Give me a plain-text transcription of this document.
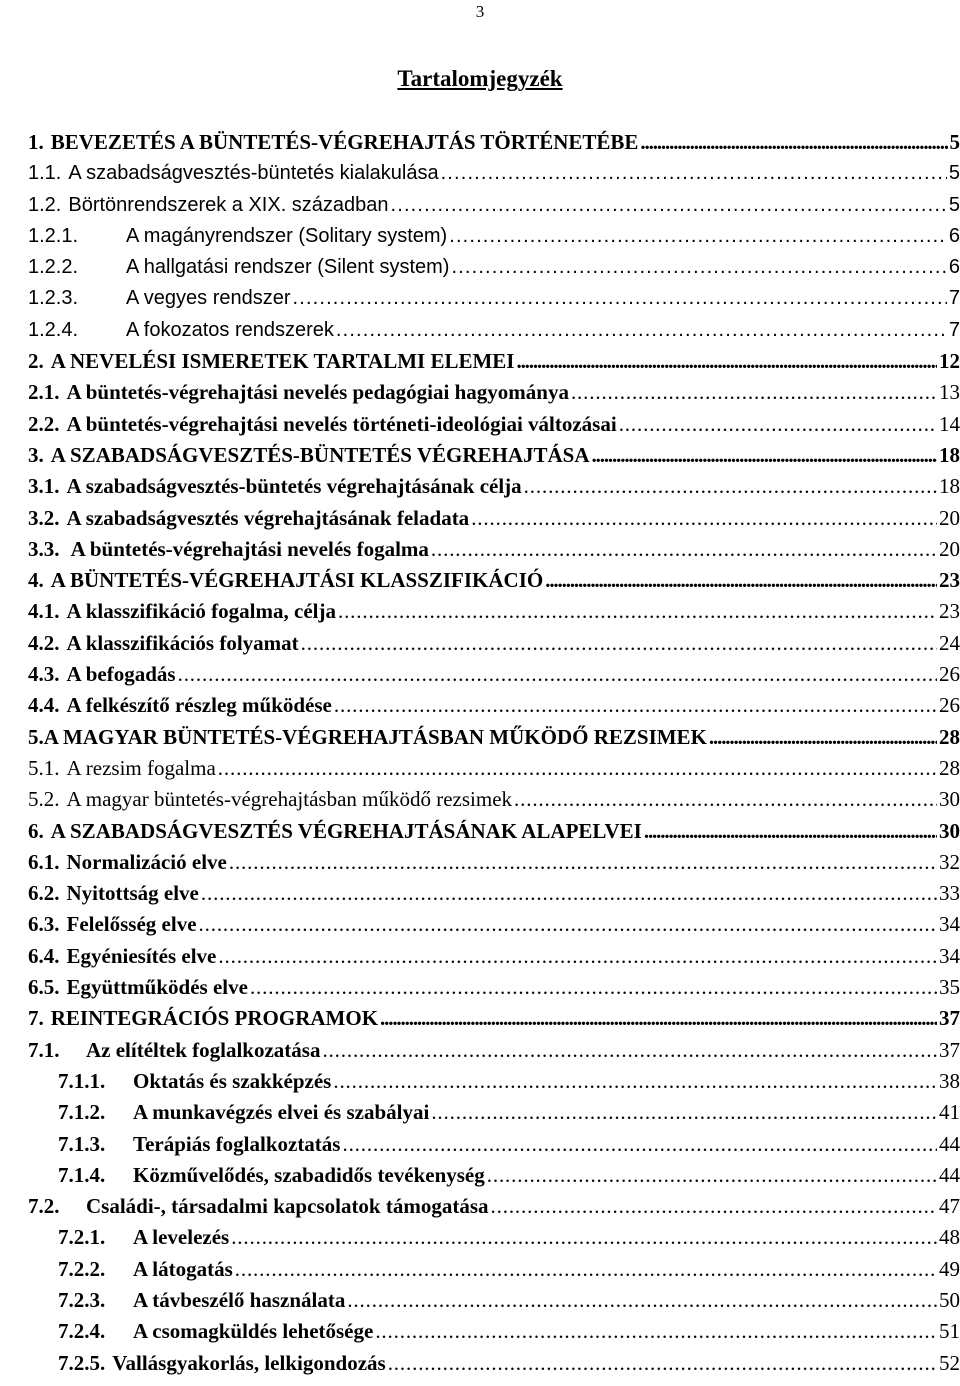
3
Tartalomjegyzék
1. BEVEZETÉS A BÜNTETÉS-VÉGREHAJTÁS TÖRTÉNETÉBE . . .	5
1.1. A szabadságvesztés-büntetés kialakulása . . .	5
1.2. Börtönrendszerek a XIX. században . . .	5
1.2.1. A magányrendszer (Solitary system) . . .	6
1.2.2. A hallgatási rendszer (Silent system) . . .	6
1.2.3. A vegyes rendszer . . .	7
1.2.4. A fokozatos rendszerek . . .	7
2. A NEVELÉSI ISMERETEK TARTALMI ELEMEI . . .	12
2.1. A büntetés-végrehajtási nevelés pedagógiai hagyománya . . .	13
2.2. A büntetés-végrehajtási nevelés történeti-ideológiai változásai . . .	14
3. A SZABADSÁGVESZTÉS-BÜNTETÉS VÉGREHAJTÁSA . . .	18
3.1. A szabadságvesztés-büntetés végrehajtásának célja . . .	18
3.2. A szabadságvesztés végrehajtásának feladata . . .	20
3.3. A büntetés-végrehajtási nevelés fogalma . . .	20
4. A BÜNTETÉS-VÉGREHAJTÁSI KLASSZIFIKÁCIÓ . . .	23
4.1. A klasszifikáció fogalma, célja . . .	23
4.2. A klasszifikációs folyamat . . .	24
4.3. A befogadás . . .	26
4.4. A felkészítő részleg működése . . .	26
5.A MAGYAR BÜNTETÉS-VÉGREHAJTÁSBAN MŰKÖDŐ REZSIMEK . . .	28
5.1. A rezsim fogalma . . .	28
5.2. A magyar büntetés-végrehajtásban működő rezsimek . . .	30
6. A SZABADSÁGVESZTÉS VÉGREHAJTÁSÁNAK ALAPELVEI . . .	30
6.1. Normalizáció elve . . .	32
6.2. Nyitottság elve . . .	33
6.3. Felelősség elve . . .	34
6.4. Egyéniesítés elve . . .	34
6.5. Együttműködés elve . . .	35
7. REINTEGRÁCIÓS PROGRAMOK . . .	37
7.1. Az elítéltek foglalkozatása . . .	37
7.1.1. Oktatás és szakképzés . . .	38
7.1.2. A munkavégzés elvei és szabályai . . .	41
7.1.3. Terápiás foglalkoztatás . . .	44
7.1.4. Közművelődés, szabadidős tevékenység . . .	44
7.2. Családi-, társadalmi kapcsolatok támogatása . . .	47
7.2.1. A levelezés . . .	48
7.2.2. A látogatás . . .	49
7.2.3. A távbeszélő használata . . .	50
7.2.4. A csomagküldés lehetősége . . .	51
7.2.5. Vallásgyakorlás, lelkigondozás . . .	52
